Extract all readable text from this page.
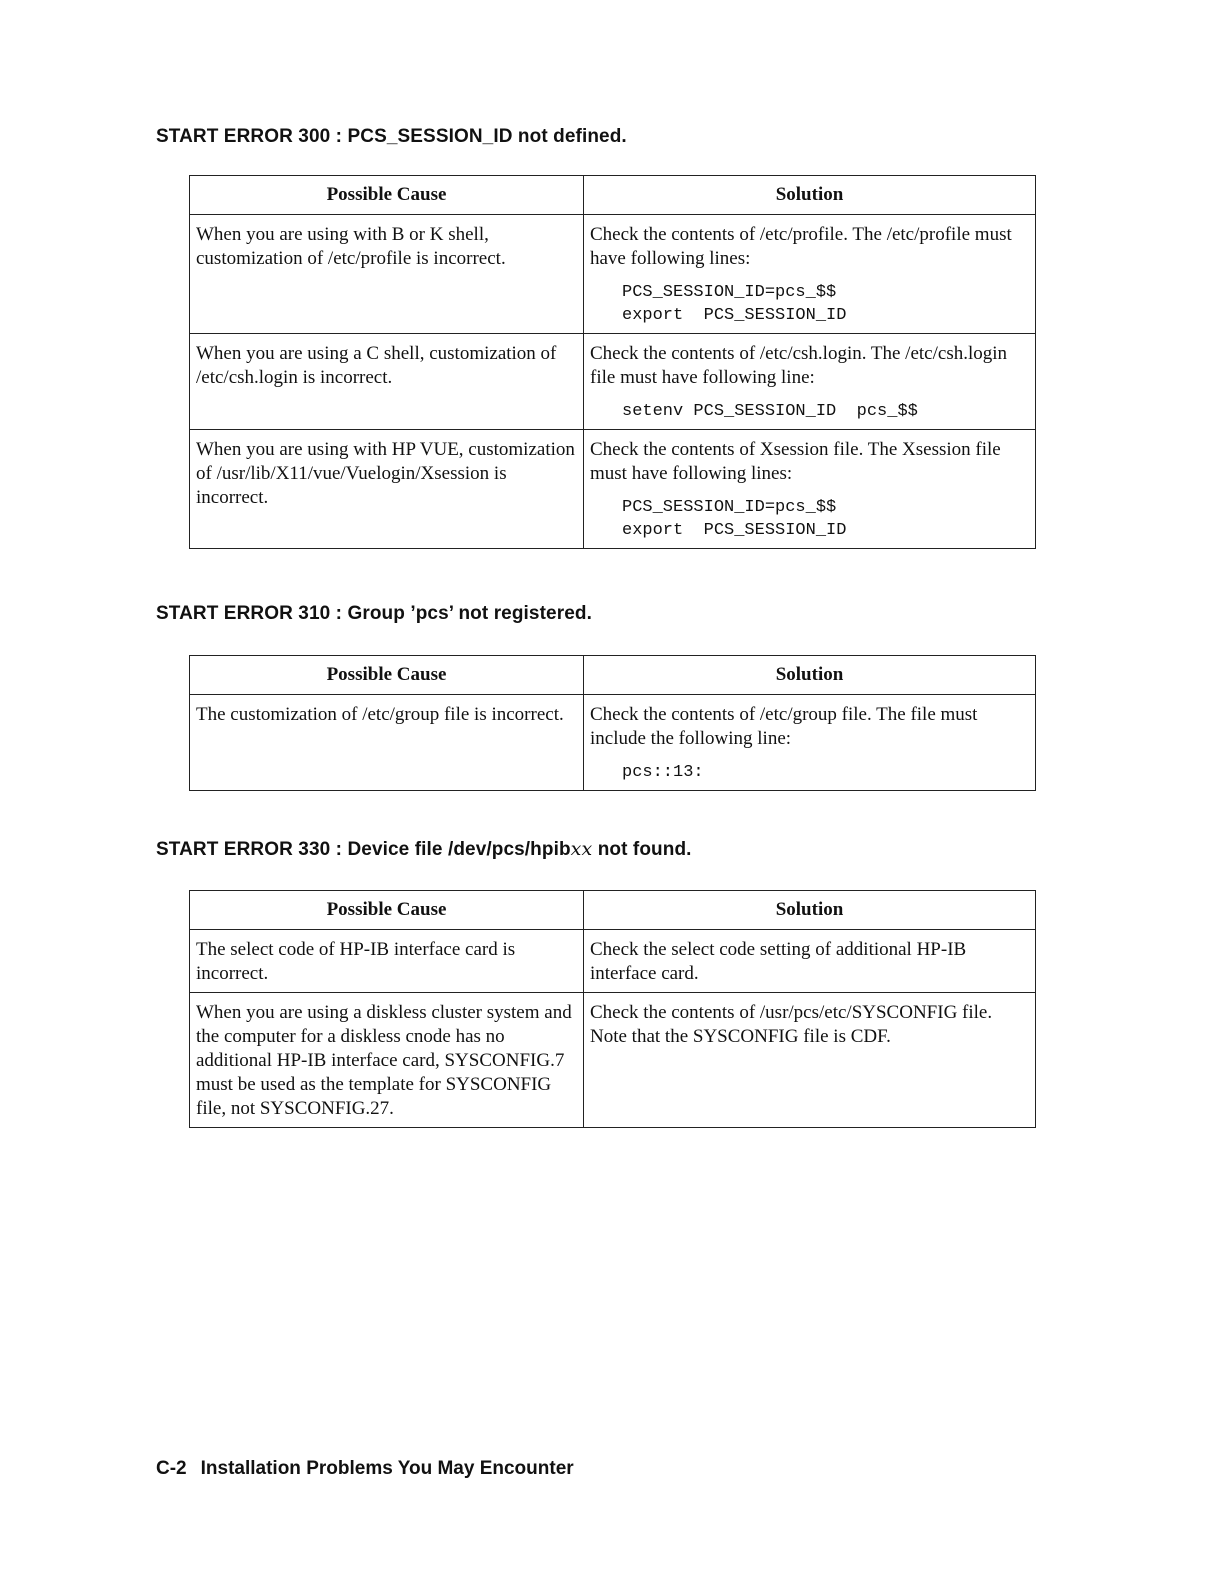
START ERROR 300 : PCS_SESSION_ID not defined.
Possible Cause	Solution
When you are using with B or K shell, customization of /etc/profile is incorrect.	Check the contents of /etc/profile. The /etc/profile must have following lines:
PCS_SESSION_ID=pcs_$$
export  PCS_SESSION_ID

When you are using a C shell, customization of /etc/csh.login is incorrect.	Check the contents of /etc/csh.login. The /etc/csh.login file must have following line:
setenv PCS_SESSION_ID  pcs_$$

When you are using with HP VUE, customization of /usr/lib/X11/vue/Vuelogin/Xsession is incorrect.	Check the contents of Xsession file. The Xsession file must have following lines:
PCS_SESSION_ID=pcs_$$
export  PCS_SESSION_ID
START ERROR 310 : Group ’pcs’ not registered.
Possible Cause	Solution
The customization of /etc/group file is incorrect.	Check the contents of /etc/group file. The file must include the following line:
pcs::13:
START ERROR 330 : Device file /dev/pcs/hpibxx not found.
Possible Cause	Solution
The select code of HP-IB interface card is incorrect.	Check the select code setting of additional HP-IB interface card.
When you are using a diskless cluster system and the computer for a diskless cnode has no additional HP-IB interface card, SYSCONFIG.7 must be used as the template for SYSCONFIG file, not SYSCONFIG.27.	Check the contents of /usr/pcs/etc/SYSCONFIG file. Note that the SYSCONFIG file is CDF.
C-2 Installation Problems You May Encounter
